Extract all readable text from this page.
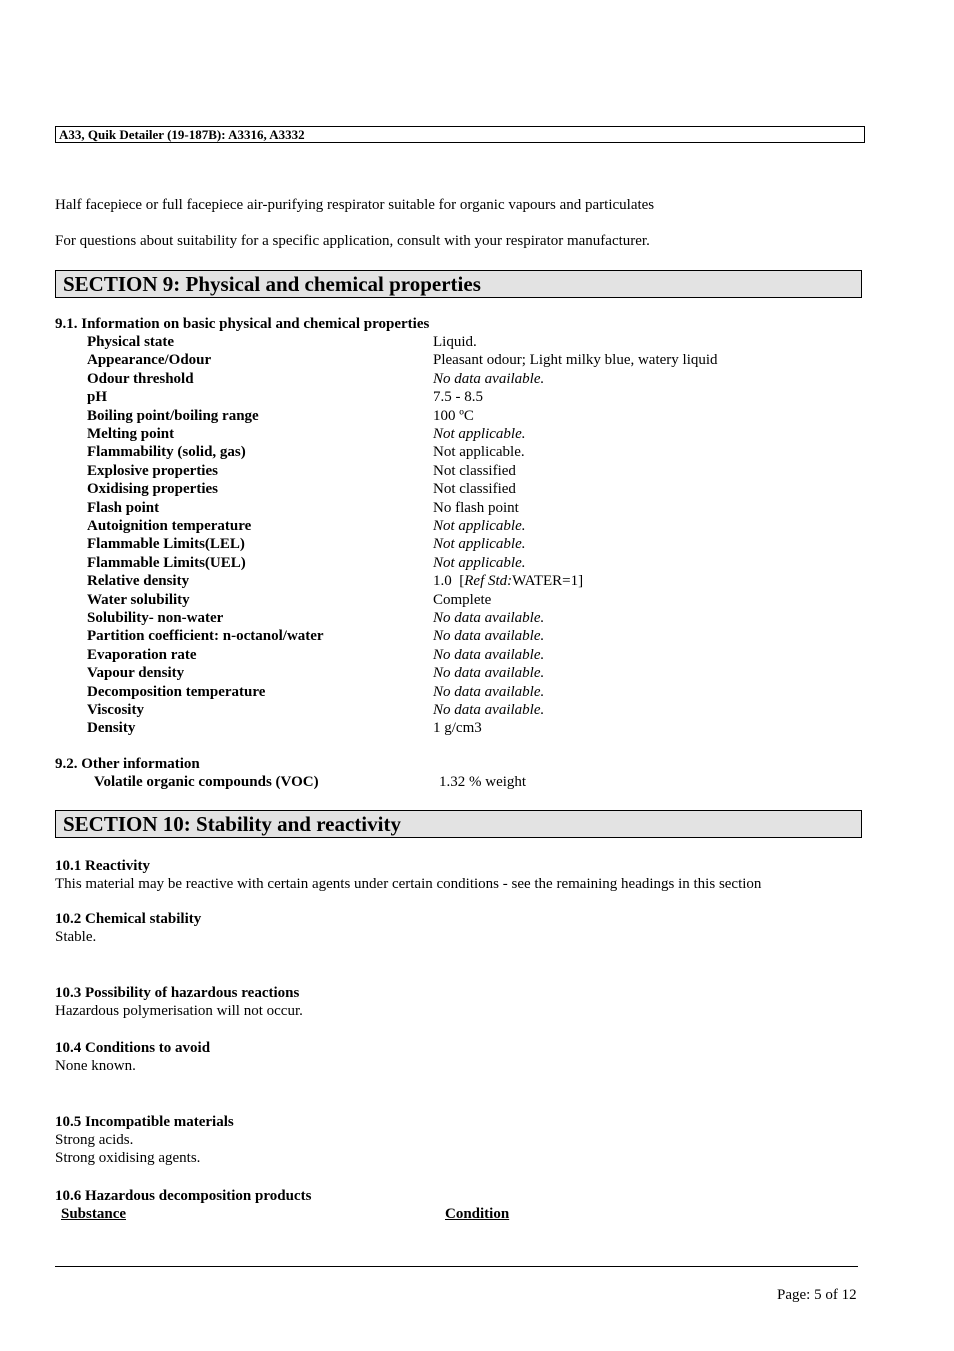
A33, Quik Detailer (19-187B): A3316, A3332
Half facepiece or full facepiece air-purifying respirator suitable for organic vapours and particulates
For questions about suitability for a specific application, consult with your respirator manufacturer.
SECTION 9: Physical and chemical properties
9.1. Information on basic physical and chemical properties
Physical state	Liquid.
Appearance/Odour	Pleasant odour; Light milky blue, watery liquid
Odour threshold	No data available.
pH	7.5 - 8.5
Boiling point/boiling range	100 ºC
Melting point	Not applicable.
Flammability (solid, gas)	Not applicable.
Explosive properties	Not classified
Oxidising properties	Not classified
Flash point	No flash point
Autoignition temperature	Not applicable.
Flammable Limits(LEL)	Not applicable.
Flammable Limits(UEL)	Not applicable.
Relative density	1.0  [Ref Std:WATER=1]
Water solubility	Complete
Solubility- non-water	No data available.
Partition coefficient: n-octanol/water	No data available.
Evaporation rate	No data available.
Vapour density	No data available.
Decomposition temperature	No data available.
Viscosity	No data available.
Density	1 g/cm3
9.2. Other information
Volatile organic compounds (VOC)	1.32 % weight
SECTION 10: Stability and reactivity
10.1 Reactivity
This material may be reactive with certain agents under certain conditions - see the remaining headings in this section
10.2 Chemical stability
Stable.
10.3 Possibility of hazardous reactions
Hazardous polymerisation will not occur.
10.4 Conditions to avoid
None known.
10.5 Incompatible materials
Strong acids.
Strong oxidising agents.
10.6 Hazardous decomposition products
Substance	Condition
Page: 5 of 12
